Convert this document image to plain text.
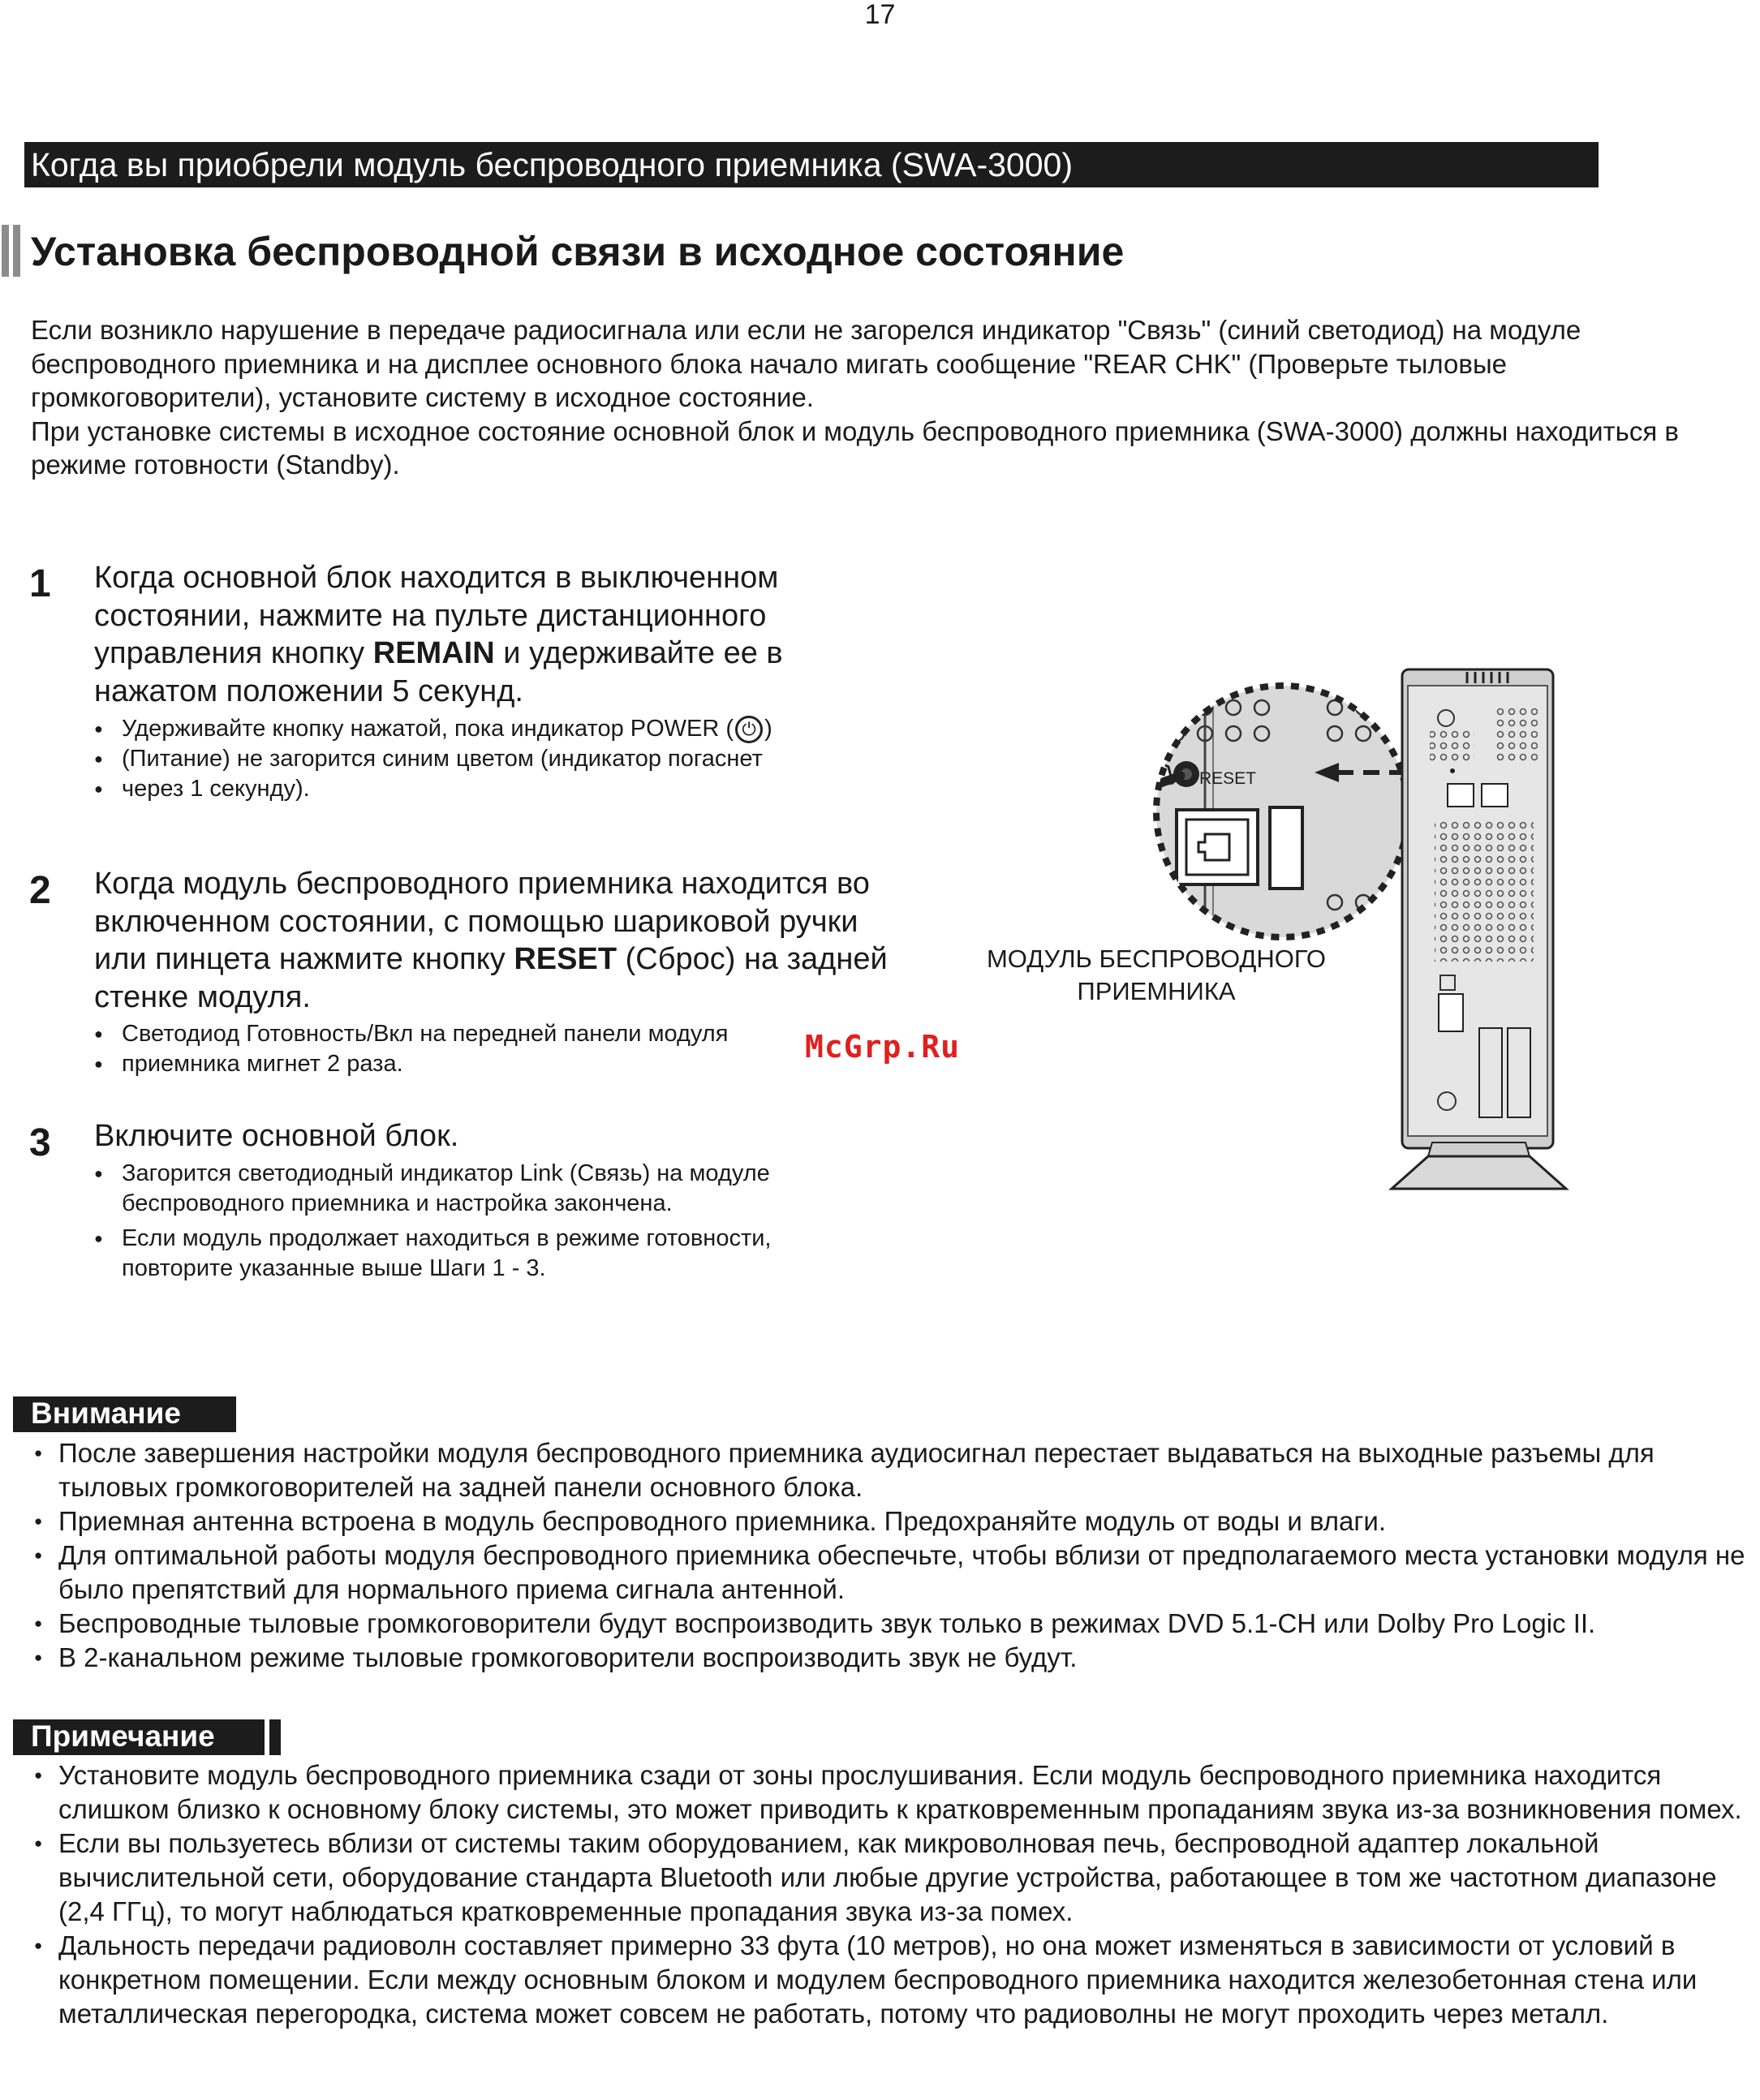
17
Когда вы приобрели модуль беспроводного приемника (SWA-3000)
Установка беспроводной связи в исходное состояние

Если возникло нарушение в передаче радиосигнала или если не загорелся индикатор "Связь" (синий светодиод) на модуле беспроводного приемника и на дисплее основного блока начало мигать сообщение "REAR CHK" (Проверьте тыловые громкоговорители), установите систему в исходное состояние.

При установке системы в исходное состояние основной блок и модуль беспроводного приемника (SWA-3000) должны находиться в режиме готовности (Standby).

1 Когда основной блок находится в выключенном состоянии, нажмите на пульте дистанционного управления кнопку REMAIN и удерживайте ее в нажатом положении 5 секунд.
● Удерживайте кнопку нажатой, пока индикатор POWER ( ⏻ )
● (Питание) не загорится синим цветом (индикатор погаснет
● через 1 секунду).
2 Когда модуль беспроводного приемника находится во включенном состоянии, с помощью шариковой ручки или пинцета нажмите кнопку RESET (Сброс) на задней стенке модуля.
● Светодиод Готовность/Вкл на передней панели модуля
● приемника мигнет 2 раза.
3 Включите основной блок.
● Загорится светодиодный индикатор Link (Связь) на модуле беспроводного приемника и настройка закончена.
● Если модуль продолжает находиться в режиме готовности, повторите указанные выше Шаги 1 - 3.
RESET
МОДУЛЬ БЕСПРОВОДНОГО
ПРИЕМНИКА
McGrp.Ru
Внимание
● После завершения настройки модуля беспроводного приемника аудиосигнал перестает выдаваться на выходные разъемы для тыловых громкоговорителей на задней панели основного блока.
● Приемная антенна встроена в модуль беспроводного приемника. Предохраняйте модуль от воды и влаги.
● Для оптимальной работы модуля беспроводного приемника обеспечьте, чтобы вблизи от предполагаемого места установки модуля не было препятствий для нормального приема сигнала антенной.
● Беспроводные тыловые громкоговорители будут воспроизводить звук только в режимах DVD 5.1-CH или Dolby Pro Logic II.
● В 2-канальном режиме тыловые громкоговорители воспроизводить звук не будут.
Примечание
● Установите модуль беспроводного приемника сзади от зоны прослушивания. Если модуль беспроводного приемника находится слишком близко к основному блоку системы, это может приводить к кратковременным пропаданиям звука из-за возникновения помех.
● Если вы пользуетесь вблизи от системы таким оборудованием, как микроволновая печь, беспроводной адаптер локальной вычислительной сети, оборудование стандарта Bluetooth или любые другие устройства, работающее в том же частотном диапазоне (2,4 ГГц), то могут наблюдаться кратковременные пропадания звука из-за помех.
● Дальность передачи радиоволн составляет примерно 33 фута (10 метров), но она может изменяться в зависимости от условий в конкретном помещении. Если между основным блоком и модулем беспроводного приемника находится железобетонная стена или металлическая перегородка, система может совсем не работать, потому что радиоволны не могут проходить через металл.
